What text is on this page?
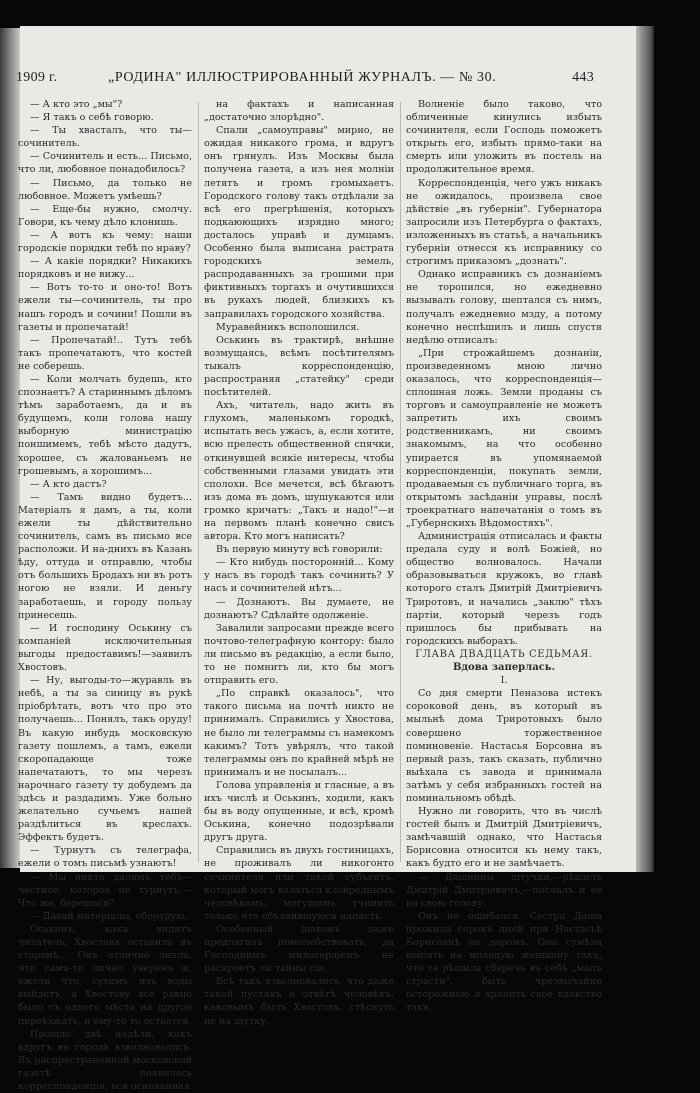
1909 г.	„РОДИНА" ИЛЛЮСТРИРОВАННЫЙ ЖУРНАЛЪ. — № 30.	443

— А кто это „мы"?

— Я такъ о себѣ говорю.

— Ты хвасталъ, что ты—сочинитель.

— Сочинитель и есть... Письмо, что ли, любовное понадобилось?

— Письмо, да только не любовное. Можетъ умѣешь?

— Еще-бы нужно, смолчу. Говори, къ чему дѣло клонишь.

— А вотъ къ чему: наши городскіе порядки тебѣ по нраву?

— А какіе порядки? Никакихъ порядковъ и не вижу...

— Вотъ то-то и оно-то! Вотъ ежели ты—сочинитель, ты про нашъ городъ и сочини! Пошли въ газеты и пропечатай!

— Пропечатай!.. Тутъ тебѣ такъ пропечатаютъ, что костей не соберешь.

— Коли молчать будешь, кто спознаетъ? А стариннымъ дѣломъ тѣмъ заработаемъ, да и въ будущемъ, коли голова нашу выборную министрацію поншимемъ, тебѣ мѣсто дадутъ, хорошее, съ жалованьемъ не грошевымъ, а хорошимъ...

— А кто дастъ?

— Тамъ видно будетъ... Матеріалъ я дамъ, а ты, коли ежели ты дѣйствительно сочинитель, самъ въ письмо все расположи. И на-днихъ въ Казань ѣду, оттуда и отправлю, чтобы отъ большихъ Бродахъ ни въ ротъ ногою не взяли. И деньгу заработаешь, и городу пользу принесешь.

— И господину Оськину съ компаніей исключительныя выгоды предоставимъ!—заявилъ Хвостовъ.

— Ну, выгоды-то—журавль въ небѣ, а ты за синицу въ рукѣ пріобрѣтать, вотъ что про это получаешь... Понялъ, такъ оруду! Въ какую инбудь московскую газету пошлемъ, а тамъ, ежели скоропадающе тоже напечатаютъ, то мы черезъ нарочнаго газету ту добудемъ да здѣсь и раздадимъ. Уже больно желательно сучьемъ нашей раздѣлиться въ креслахъ. Эффектъ будетъ.

— Турнутъ съ телеграфа, ежели о томъ письмѣ узнаютъ!

— Мы никто дадимъ тебѣ—честное, которое не турнутъ.— Что же, берешься?

— Давай матеріалы, оборудую.

Оськинъ, какъ видитъ читатель, Хвостова оставилъ въ сторонѣ... Онъ отлично зналъ, что самъ-то лично уверенъ и, ежели что, сухимъ изъ воды выйдетъ, а Хвостову все равно было съ одного мѣста на другое переѣзжать, и ему-то то остается.

Прошло двѣ недѣли, какъ вдругъ въ городѣ взволновались. Въ распространенной московской газетѣ появилась корреспонденція, вся основанная

на фактахъ и написанная „достаточно злорѣдно".

Спали „самоуправы" мирно, не ожидая никакого грома, и вдругъ онъ грянулъ. Изъ Москвы была получена газета, а изъ нея молніи летятъ и громъ громыхаетъ. Городского голову такъ отдѣлали за всѣ его прегрѣшенія, которыхъ подкаюющихъ изрядно много; досталось управѣ и думцамъ. Особенно была выписана растрата городскихъ земель, распродаванныхъ за грошими при фиктивныхъ торгахъ и очутившихся въ рукахъ людей, близкихъ къ заправилахъ городского хозяйства.

Муравейникъ всполошился.

Оськинъ въ трактирѣ, внѣшне возмущаясь, всѣмъ посѣтителямъ тыкалъ корреспонденцію, распространяя „статейку" среди посѣтителей.

Ахъ, читатель, надо жить въ глухомъ, маленькомъ городкѣ, испытать весь ужасъ, а, если хотите, всю прелесть общественной спячки, откинувшей всякіе интересы, чтобы собственными глазами увидать эти сполохи. Все мечется, всѣ бѣгаютъ изъ дома въ домъ, шушукаются или громко кричатъ: „Такъ и надо!"—и на первомъ планѣ конечно свисъ автора. Кто могъ написать?

Въ первую минуту всѣ говорили:

— Кто нибудь посторонній... Кому у насъ въ городѣ такъ сочинить? У насъ и сочинителей нѣтъ...

— Дознаютъ. Вы думаете, не дознаютъ? Сдѣлайте одолженіе.

Завалили запросами прежде всего почтово-телеграфную контору: было ли письмо въ редакцію, а если было, то не помнитъ ли, кто бы могъ отправить его.

„По справкѣ оказалось", что такого письма на почтѣ никто не принималъ. Справились у Хвостова, не было ли телеграммы съ намекомъ какимъ? Тотъ увѣрялъ, что такой телеграммы онъ по крайней мѣрѣ не принималъ и не посылалъ...

Голова управленія и гласные, а въ ихъ числѣ и Оськинъ, ходили, какъ бы въ воду опущенные, и всѣ, кромѣ Оськина, конечно подозрѣвали другъ друга.

Справились въ двухъ гостиницахъ, не проживалъ ли никогонто сочинителя или такой субъектъ, который могъ казаться кловреднымъ человѣкомъ, могущимъ учинить только что объявившуюся напасть.

Особенный дiаконъ даже предлагалъ помолебствовать, да Господнимъ милосердіемъ не раскроетъ ли тайны сія.

Всѣ такъ взволновались, что даже такой пустякъ о отвѣтѣ человѣкъ, каковымъ былъ Хвостовъ, стѣснуть не на шутку.

Волненіе было таково, что обличенные кинулись избыть сочинителя, если Господь поможетъ открыть его, избыть прямо-таки на смерть или уложить въ постель на продолжительное время.

Корреспонденція, чего ужъ никакъ не ожидалось, произвела свое дѣйствіе „въ губерніи". Губернатора запросили изъ Петербурга о фактахъ, изложенныхъ въ статьѣ, а начальникъ губерніи отнесся къ исправнику со строгимъ приказомъ „дознать".

Однако исправникъ съ дознаніемъ не торопился, но ежедневно вызывалъ голову, шептался съ нимъ, получалъ ежедневно мзду, а потому конечно неспѣшилъ и лишь спустя недѣлю отписалъ:

„При строжайшемъ дознаніи, произведенномъ мною лично оказалось, что корреспонденція—сплошная ложь. Земли проданы съ торговъ и самоуправленіе не можетъ запретить ихъ своимъ родственникамъ, ни своимъ знакомымъ, на что особенно упирается въ упомянаемой корреспонденціи, покупать земли, продаваемыя съ публичнаго торга, въ открытомъ засѣданіи управы, послѣ троекратнаго напечатанія о томъ въ „Губернскихъ Вѣдомостяхъ".

Администрація отписалась и факты предала суду и волѣ Божіей, но общество волновалось. Начали образовываться кружокъ, во главѣ которого сталъ Дмитрій Дмитріевичъ Триротовъ, и начались „заклю" тѣхъ партіи, который черезъ годъ пришлось бы прибывать на городскихъ выборахъ.

ГЛАВА ДВАДЦАТЬ СЕДЬМАЯ.

Вдова заперлась.

I.

Со дня смерти Пеназова истекъ сороковой день, въ который въ мыльнѣ дома Триротовыхъ было совершено торжественное поминовеніе. Настасья Борсовна въ первый разъ, такъ сказать, публично выѣхала съ завода и принимала затѣмъ у себя избранныхъ гостей на поминальномъ обѣдѣ.

Нужно ли говорить, что въ числѣ гостей былъ и Дмитрій Дмитріевичъ, замѣчавшій однако, что Настасья Борисовна относится къ нему такъ, какъ будто его и не замѣчаетъ.

— Дашнины штучки,—рѣшилъ Дмитрій Дмитріевичъ,—послалъ и ее на свою голову.

Онъ не ошибался. Сестра Даша прожила сорокъ дней при Настасьѣ Борисовнѣ не даромъ. Она сумѣла вопіять на молодую женщину такъ, что та рѣшила сберечь въ себѣ „малъ страсти", быть чрезвычайно осторожною и хранить свое вдовство такъ,
